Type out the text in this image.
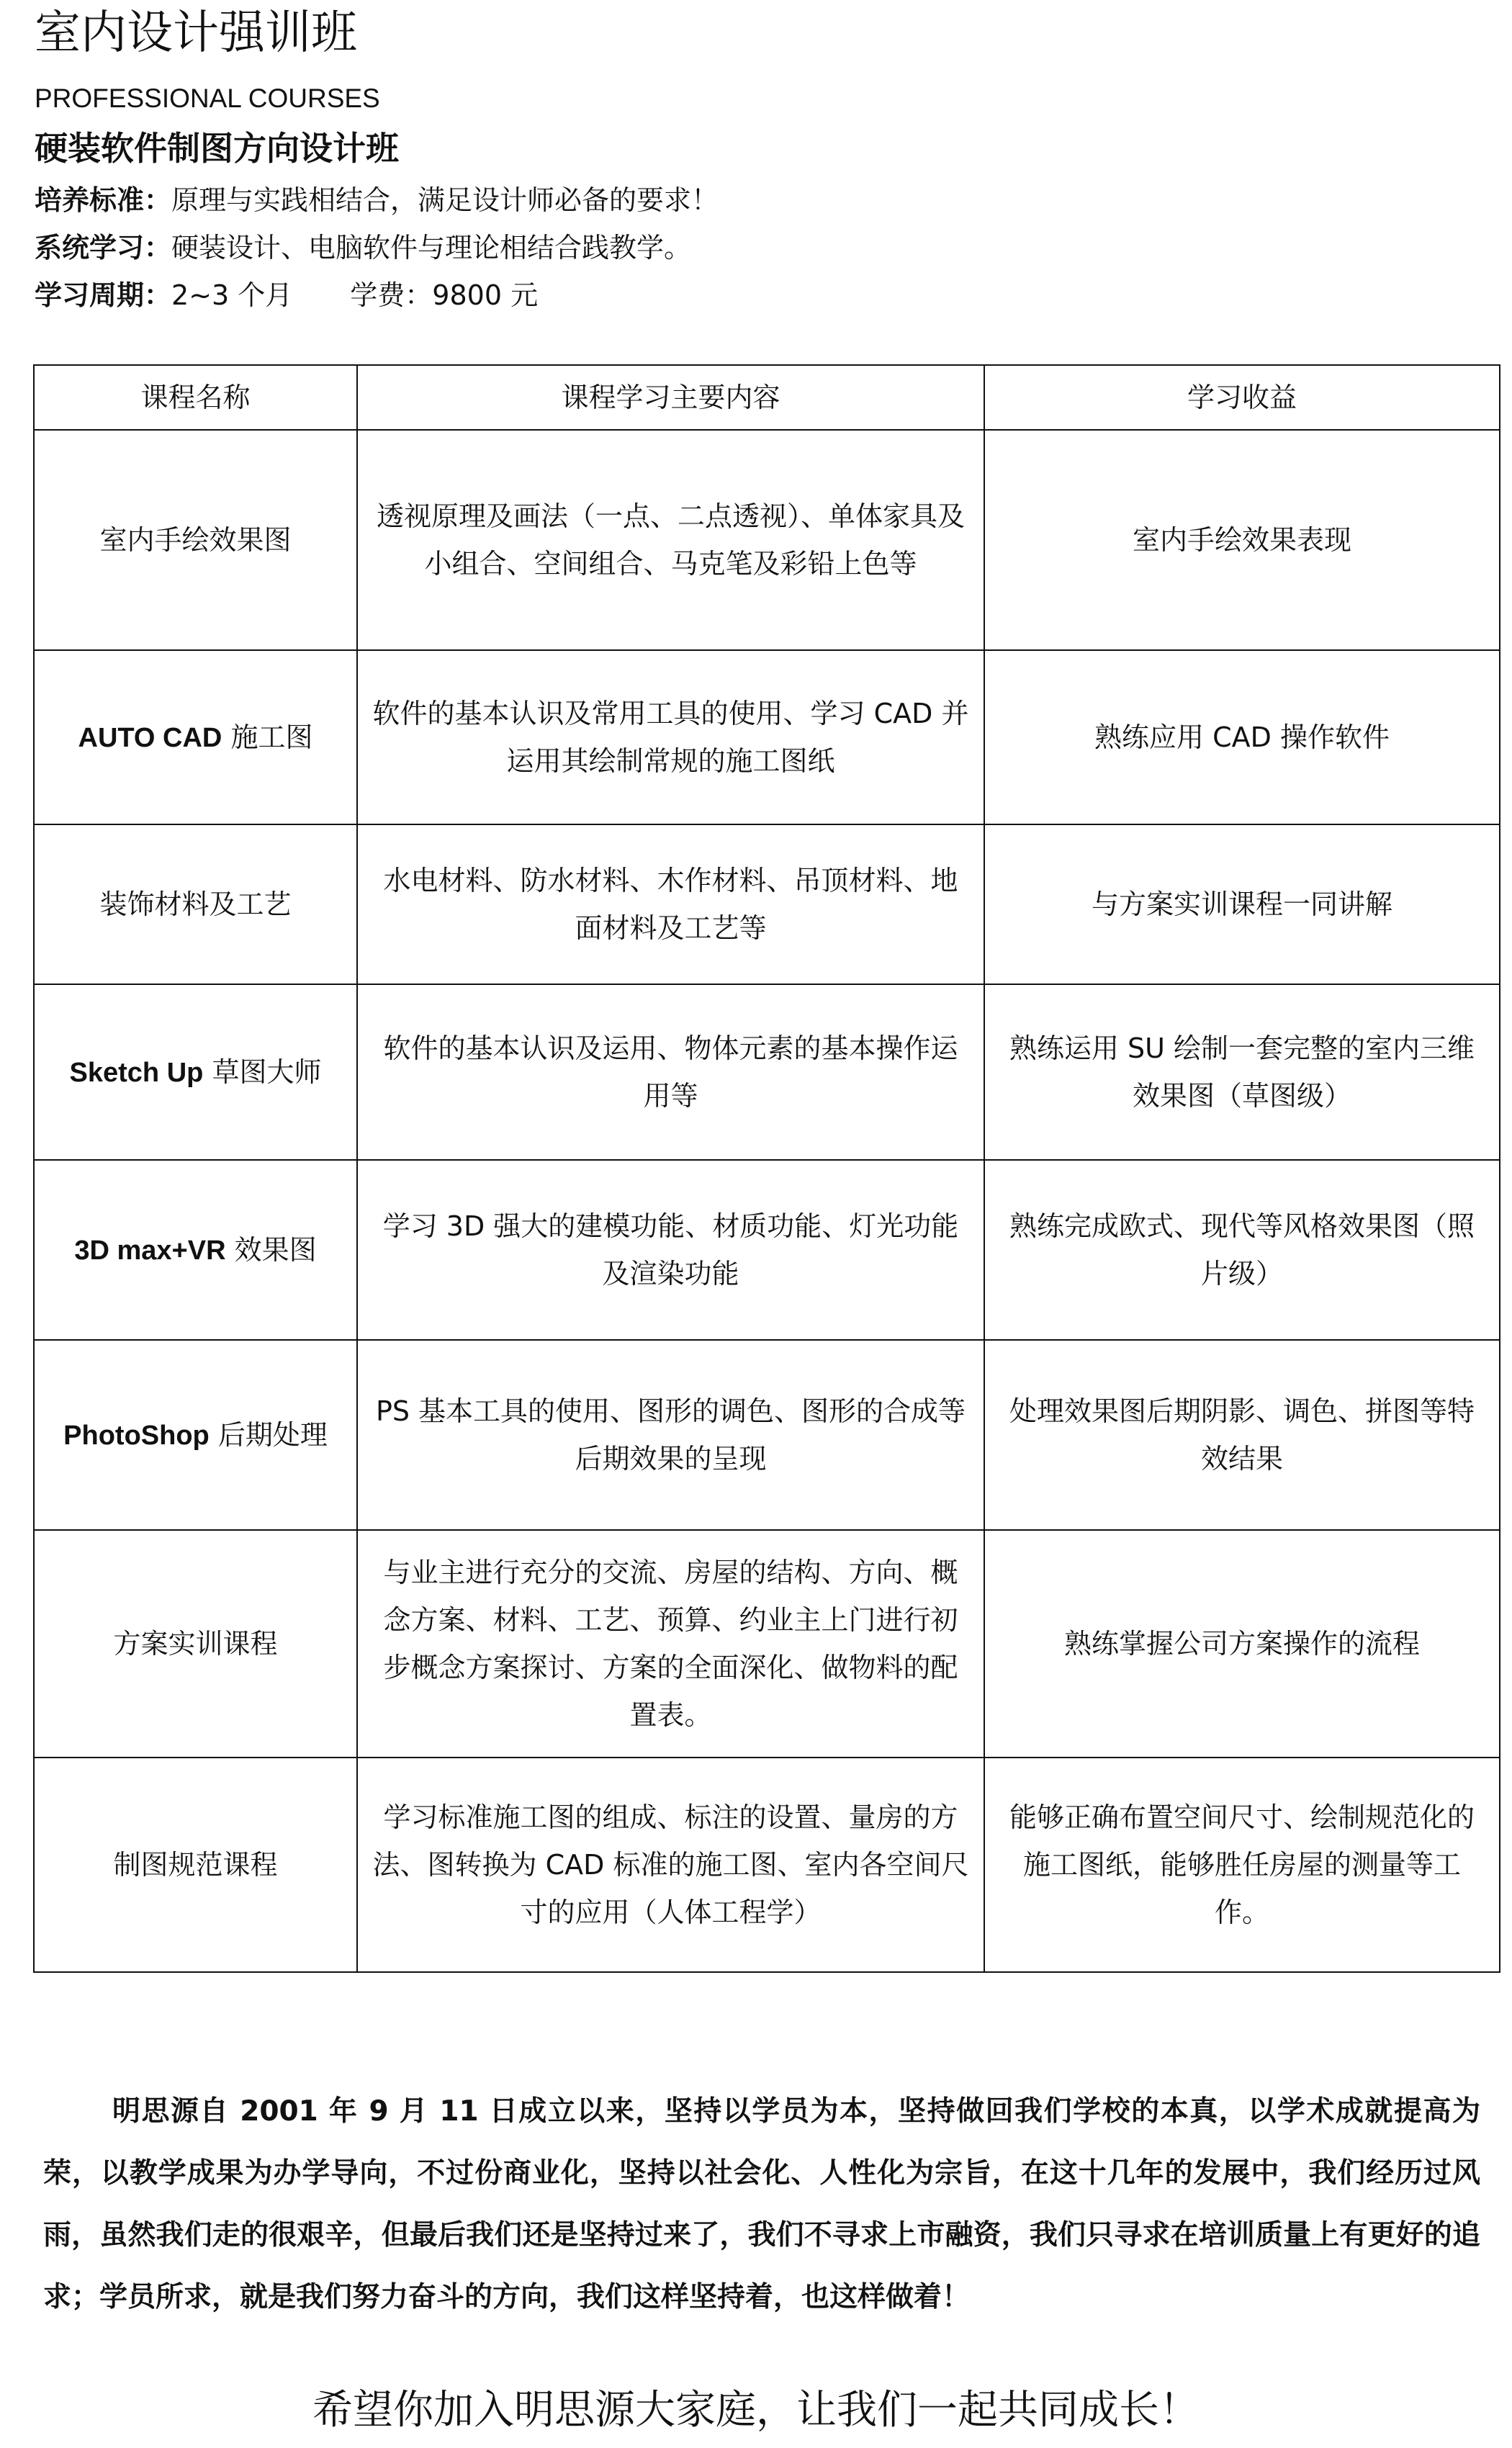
室内设计强训班
PROFESSIONAL COURSES
硬装软件制图方向设计班
培养标准：原理与实践相结合，满足设计师必备的要求！
系统学习：硬装设计、电脑软件与理论相结合践教学。
学习周期：2~3 个月 学费：9800 元
课程名称	课程学习主要内容	学习收益
室内手绘效果图	透视原理及画法（一点、二点透视）、单体家具及小组合、空间组合、马克笔及彩铅上色等	室内手绘效果表现
AUTO CAD 施工图	软件的基本认识及常用工具的使用、学习 CAD 并运用其绘制常规的施工图纸	熟练应用 CAD 操作软件
装饰材料及工艺	水电材料、防水材料、木作材料、吊顶材料、地面材料及工艺等	与方案实训课程一同讲解
Sketch Up 草图大师	软件的基本认识及运用、物体元素的基本操作运用等	熟练运用 SU 绘制一套完整的室内三维效果图（草图级）
3D max+VR 效果图	学习 3D 强大的建模功能、材质功能、灯光功能及渲染功能	熟练完成欧式、现代等风格效果图（照片级）
PhotoShop 后期处理	PS 基本工具的使用、图形的调色、图形的合成等后期效果的呈现	处理效果图后期阴影、调色、拼图等特效结果
方案实训课程	与业主进行充分的交流、房屋的结构、方向、概念方案、材料、工艺、预算、约业主上门进行初步概念方案探讨、方案的全面深化、做物料的配置表。	熟练掌握公司方案操作的流程
制图规范课程	学习标准施工图的组成、标注的设置、量房的方法、图转换为 CAD 标准的施工图、室内各空间尺寸的应用（人体工程学）	能够正确布置空间尺寸、绘制规范化的施工图纸，能够胜任房屋的测量等工作。
明思源自 2001 年 9 月 11 日成立以来，坚持以学员为本，坚持做回我们学校的本真，以学术成就提高为荣，以教学成果为办学导向，不过份商业化，坚持以社会化、人性化为宗旨，在这十几年的发展中，我们经历过风雨，虽然我们走的很艰辛，但最后我们还是坚持过来了，我们不寻求上市融资，我们只寻求在培训质量上有更好的追求；学员所求，就是我们努力奋斗的方向，我们这样坚持着，也这样做着！
希望你加入明思源大家庭，让我们一起共同成长！
